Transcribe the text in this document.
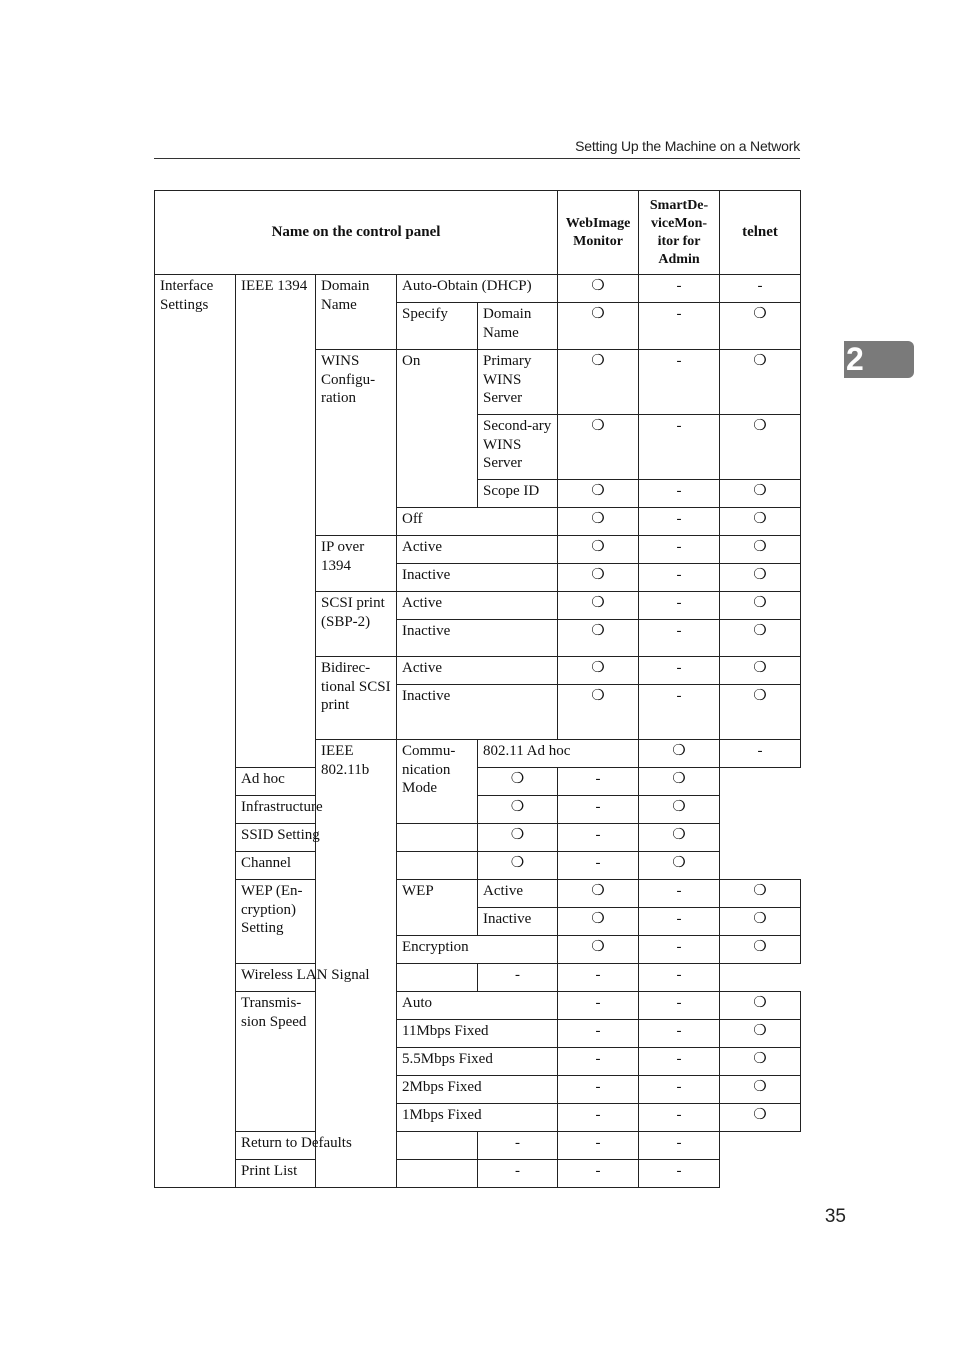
Setting Up the Machine on a Network
2
Name on the control panel					WebImage Monitor	SmartDe-viceMon-itor for Admin	telnet	
Interface Settings	IEEE 1394	Domain Name	Auto-Obtain (DHCP)		❍	-	-	
			Specify	Domain Name	❍	-	❍	
		WINS Configu-ration	On	Primary WINS Server	❍	-	❍	
				Second-ary WINS Server	❍	-	❍	
				Scope ID	❍	-	❍	
			Off		❍	-	❍	
		IP over 1394	Active		❍	-	❍	
			Inactive		❍	-	❍	
		SCSI print (SBP-2)	Active		❍	-	❍	
			Inactive		❍	-	❍	
		Bidirec-tional SCSI print	Active		❍	-	❍	
			Inactive		❍	-	❍	
		IEEE 802.11b	Commu-nication Mode	802.11 Ad hoc		❍	-	
	Ad hoc			❍	-	❍		
	Infrastructure			❍	-	❍		
	SSID Setting			❍	-	❍		
	Channel			❍	-	❍		
	WEP (En-cryption) Setting		WEP	Active	❍	-	❍	
				Inactive	❍	-	❍	
			Encryption		❍	-	❍	
	Wireless LAN Signal			-	-	-		
	Transmis-sion Speed		Auto		-	-	❍	
			11Mbps Fixed		-	-	❍	
			5.5Mbps Fixed		-	-	❍	
			2Mbps Fixed		-	-	❍	
			1Mbps Fixed		-	-	❍	
	Return to Defaults			-	-	-		
	Print List			-	-	-		
35
